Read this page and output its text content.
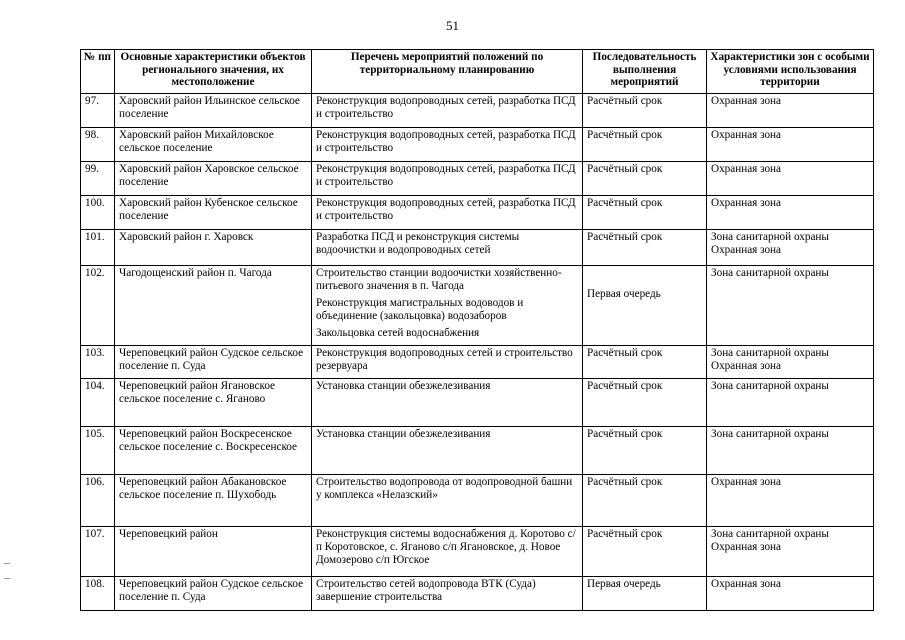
51
№ пп	Основные характеристики объектов регионального значения, их местоположение	Перечень мероприятий положений по территориальному планированию	Последовательность выполнения мероприятий	Характеристики зон с особыми условиями использования территории
97.	Харовский район Ильинское сельское поселение	Реконструкция водопроводных сетей, разработка ПСД и строительство	Расчётный срок	Охранная зона

98.	Харовский район Михайловское сельское поселение	Реконструкция водопроводных сетей, разработка ПСД и строительство	Расчётный срок	Охранная зона

99.	Харовский район Харовское сельское поселение	Реконструкция водопроводных сетей, разработка ПСД и строительство	Расчётный срок	Охранная зона

100.	Харовский район Кубенское сельское поселение	Реконструкция водопроводных сетей, разработка ПСД и строительство	Расчётный срок	Охранная зона

101.	Харовский район г. Харовск	Разработка ПСД и реконструкция системы водоочистки и водопроводных сетей	Расчётный срок	Зона санитарной охраны
Охранная зона

102.	Чагодощенский район п. Чагода	Строительство станции водоочистки хозяйственно-питьевого значения в п. Чагода
Реконструкция магистральных водоводов и объединение (закольцовка) водозаборов
Закольцовка сетей водоснабжения	Первая очередь	Зона санитарной охраны

103.	Череповецкий район Судское сельское поселение п. Суда	Реконструкция водопроводных сетей и строительство резервуара	Расчётный срок	Зона санитарной охраны
Охранная зона

104.	Череповецкий район Ягановское сельское поселение с. Яганово	Установка станции обезжелезивания	Расчётный срок	Зона санитарной охраны

105.	Череповецкий район Воскресенское сельское поселение с. Воскресенское	Установка станции обезжелезивания	Расчётный срок	Зона санитарной охраны

106.	Череповецкий район Абакановское сельское поселение п. Шухободь	Строительство водопровода от водопроводной башни у комплекса «Нелазский»	Расчётный срок	Охранная зона

107.	Череповецкий район	Реконструкция системы водоснабжения д. Коротово с/п Коротовское, с. Яганово с/п Ягановское, д. Новое Домозерово с/п Югское	Расчётный срок	Зона санитарной охраны
Охранная зона

108.	Череповецкий район Судское сельское поселение п. Суда	Строительство сетей водопровода ВТК (Суда) завершение строительства	Первая очередь	Охранная зона
